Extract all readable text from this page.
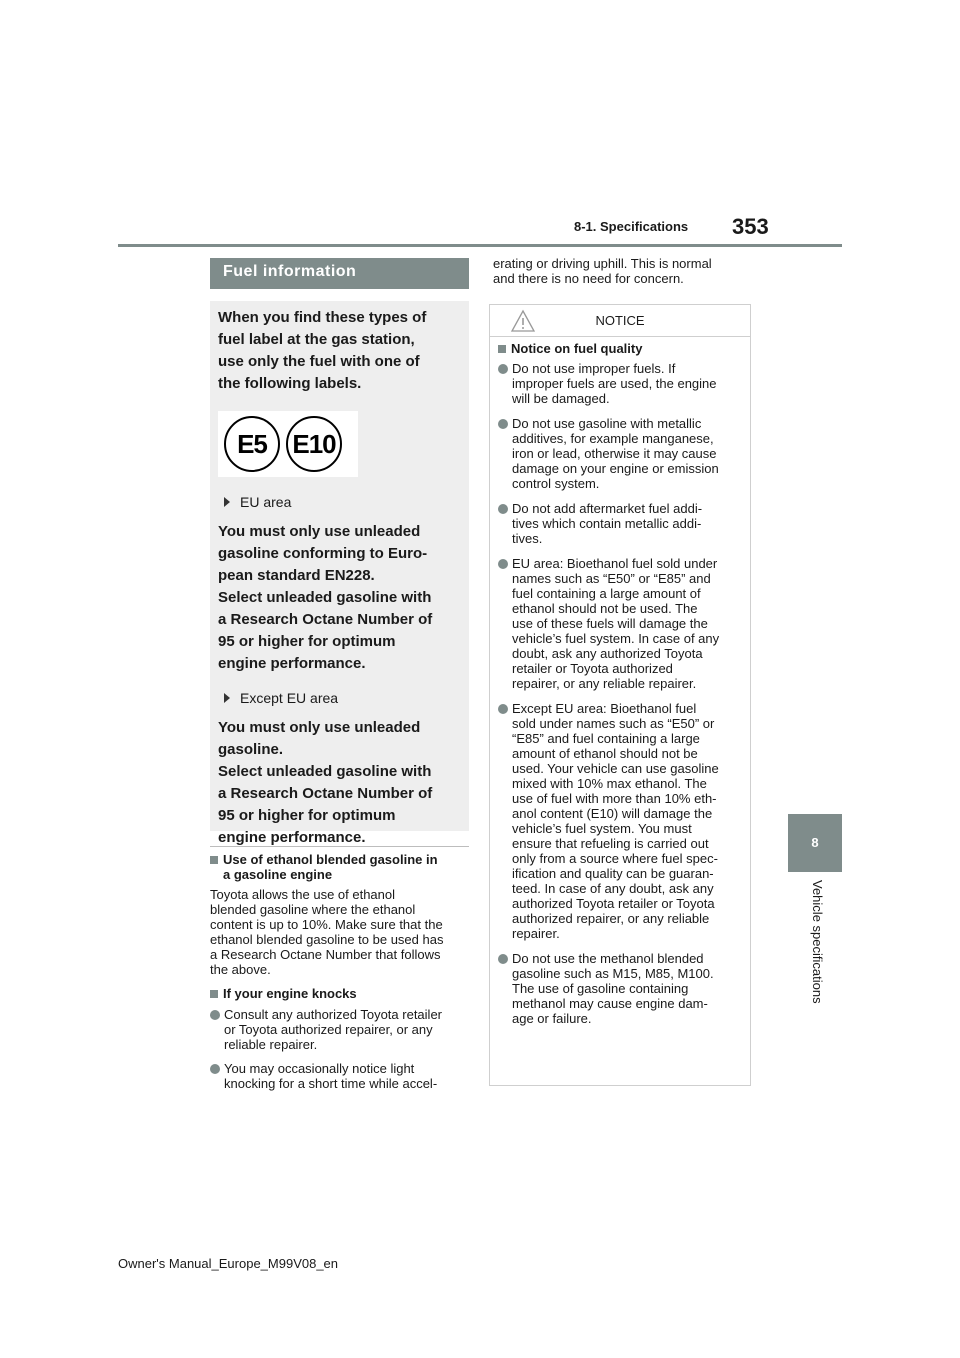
8-1. Specifications 353
8
Vehicle specifications
Fuel information
When you find these types of
fuel label at the gas station,
use only the fuel with one of
the following labels.
E5 E10
EU area
You must only use unleaded
gasoline conforming to Euro-
pean standard EN228.
Select unleaded gasoline with
a Research Octane Number of
95 or higher for optimum
engine performance.
Except EU area
You must only use unleaded
gasoline.
Select unleaded gasoline with
a Research Octane Number of
95 or higher for optimum
engine performance.
Use of ethanol blended gasoline in
a gasoline engine
Toyota allows the use of ethanol
blended gasoline where the ethanol
content is up to 10%. Make sure that the
ethanol blended gasoline to be used has
a Research Octane Number that follows
the above.
If your engine knocks
Consult any authorized Toyota retailer
or Toyota authorized repairer, or any
reliable repairer.
You may occasionally notice light
knocking for a short time while accel-
erating or driving uphill. This is normal
and there is no need for concern.
NOTICE
Notice on fuel quality
Do not use improper fuels. If
improper fuels are used, the engine
will be damaged.
Do not use gasoline with metallic
additives, for example manganese,
iron or lead, otherwise it may cause
damage on your engine or emission
control system.
Do not add aftermarket fuel addi-
tives which contain metallic addi-
tives.
EU area: Bioethanol fuel sold under
names such as “E50” or “E85” and
fuel containing a large amount of
ethanol should not be used. The
use of these fuels will damage the
vehicle’s fuel system. In case of any
doubt, ask any authorized Toyota
retailer or Toyota authorized
repairer, or any reliable repairer.
Except EU area: Bioethanol fuel
sold under names such as “E50” or
“E85” and fuel containing a large
amount of ethanol should not be
used. Your vehicle can use gasoline
mixed with 10% max ethanol. The
use of fuel with more than 10% eth-
anol content (E10) will damage the
vehicle’s fuel system. You must
ensure that refueling is carried out
only from a source where fuel spec-
ification and quality can be guaran-
teed. In case of any doubt, ask any
authorized Toyota retailer or Toyota
authorized repairer, or any reliable
repairer.
Do not use the methanol blended
gasoline such as M15, M85, M100.
The use of gasoline containing
methanol may cause engine dam-
age or failure.
Owner's Manual_Europe_M99V08_en
